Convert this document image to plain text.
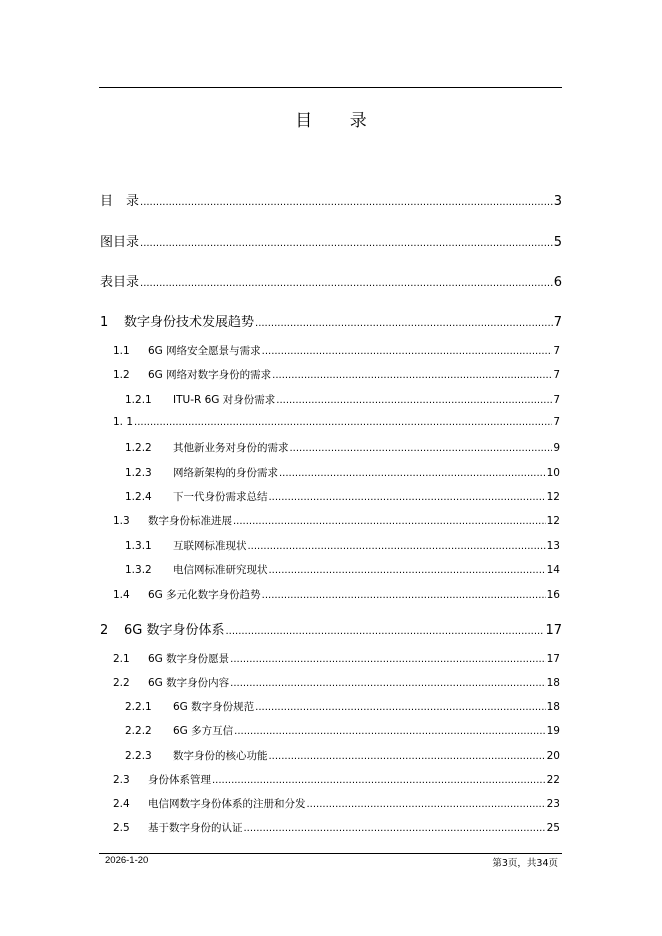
目 录
目　录 .....	3
图目录 .....	5
表目录 .....	6
1	数字身份技术发展趋势 .....	7
1.1	6G 网络安全愿景与需求 .....	7
1.2	6G 网络对数字身份的需求 .....	7
1.2.1	ITU-R 6G 对身份需求 .....	7
1. 1 .....	7
1.2.2	其他新业务对身份的需求 .....	9
1.2.3	网络新架构的身份需求 .....	10
1.2.4	下一代身份需求总结 .....	12
1.3	数字身份标准进展 .....	12
1.3.1	互联网标准现状 .....	13
1.3.2	电信网标准研究现状 .....	14
1.4	6G 多元化数字身份趋势 .....	16
2	6G 数字身份体系 .....	17
2.1	6G 数字身份愿景 .....	17
2.2	6G 数字身份内容 .....	18
2.2.1	6G 数字身份规范 .....	18
2.2.2	6G 多方互信 .....	19
2.2.3	数字身份的核心功能 .....	20
2.3	身份体系管理 .....	22
2.4	电信网数字身份体系的注册和分发 .....	23
2.5	基于数字身份的认证 .....	25
2026-1-20	第3页，共34页
